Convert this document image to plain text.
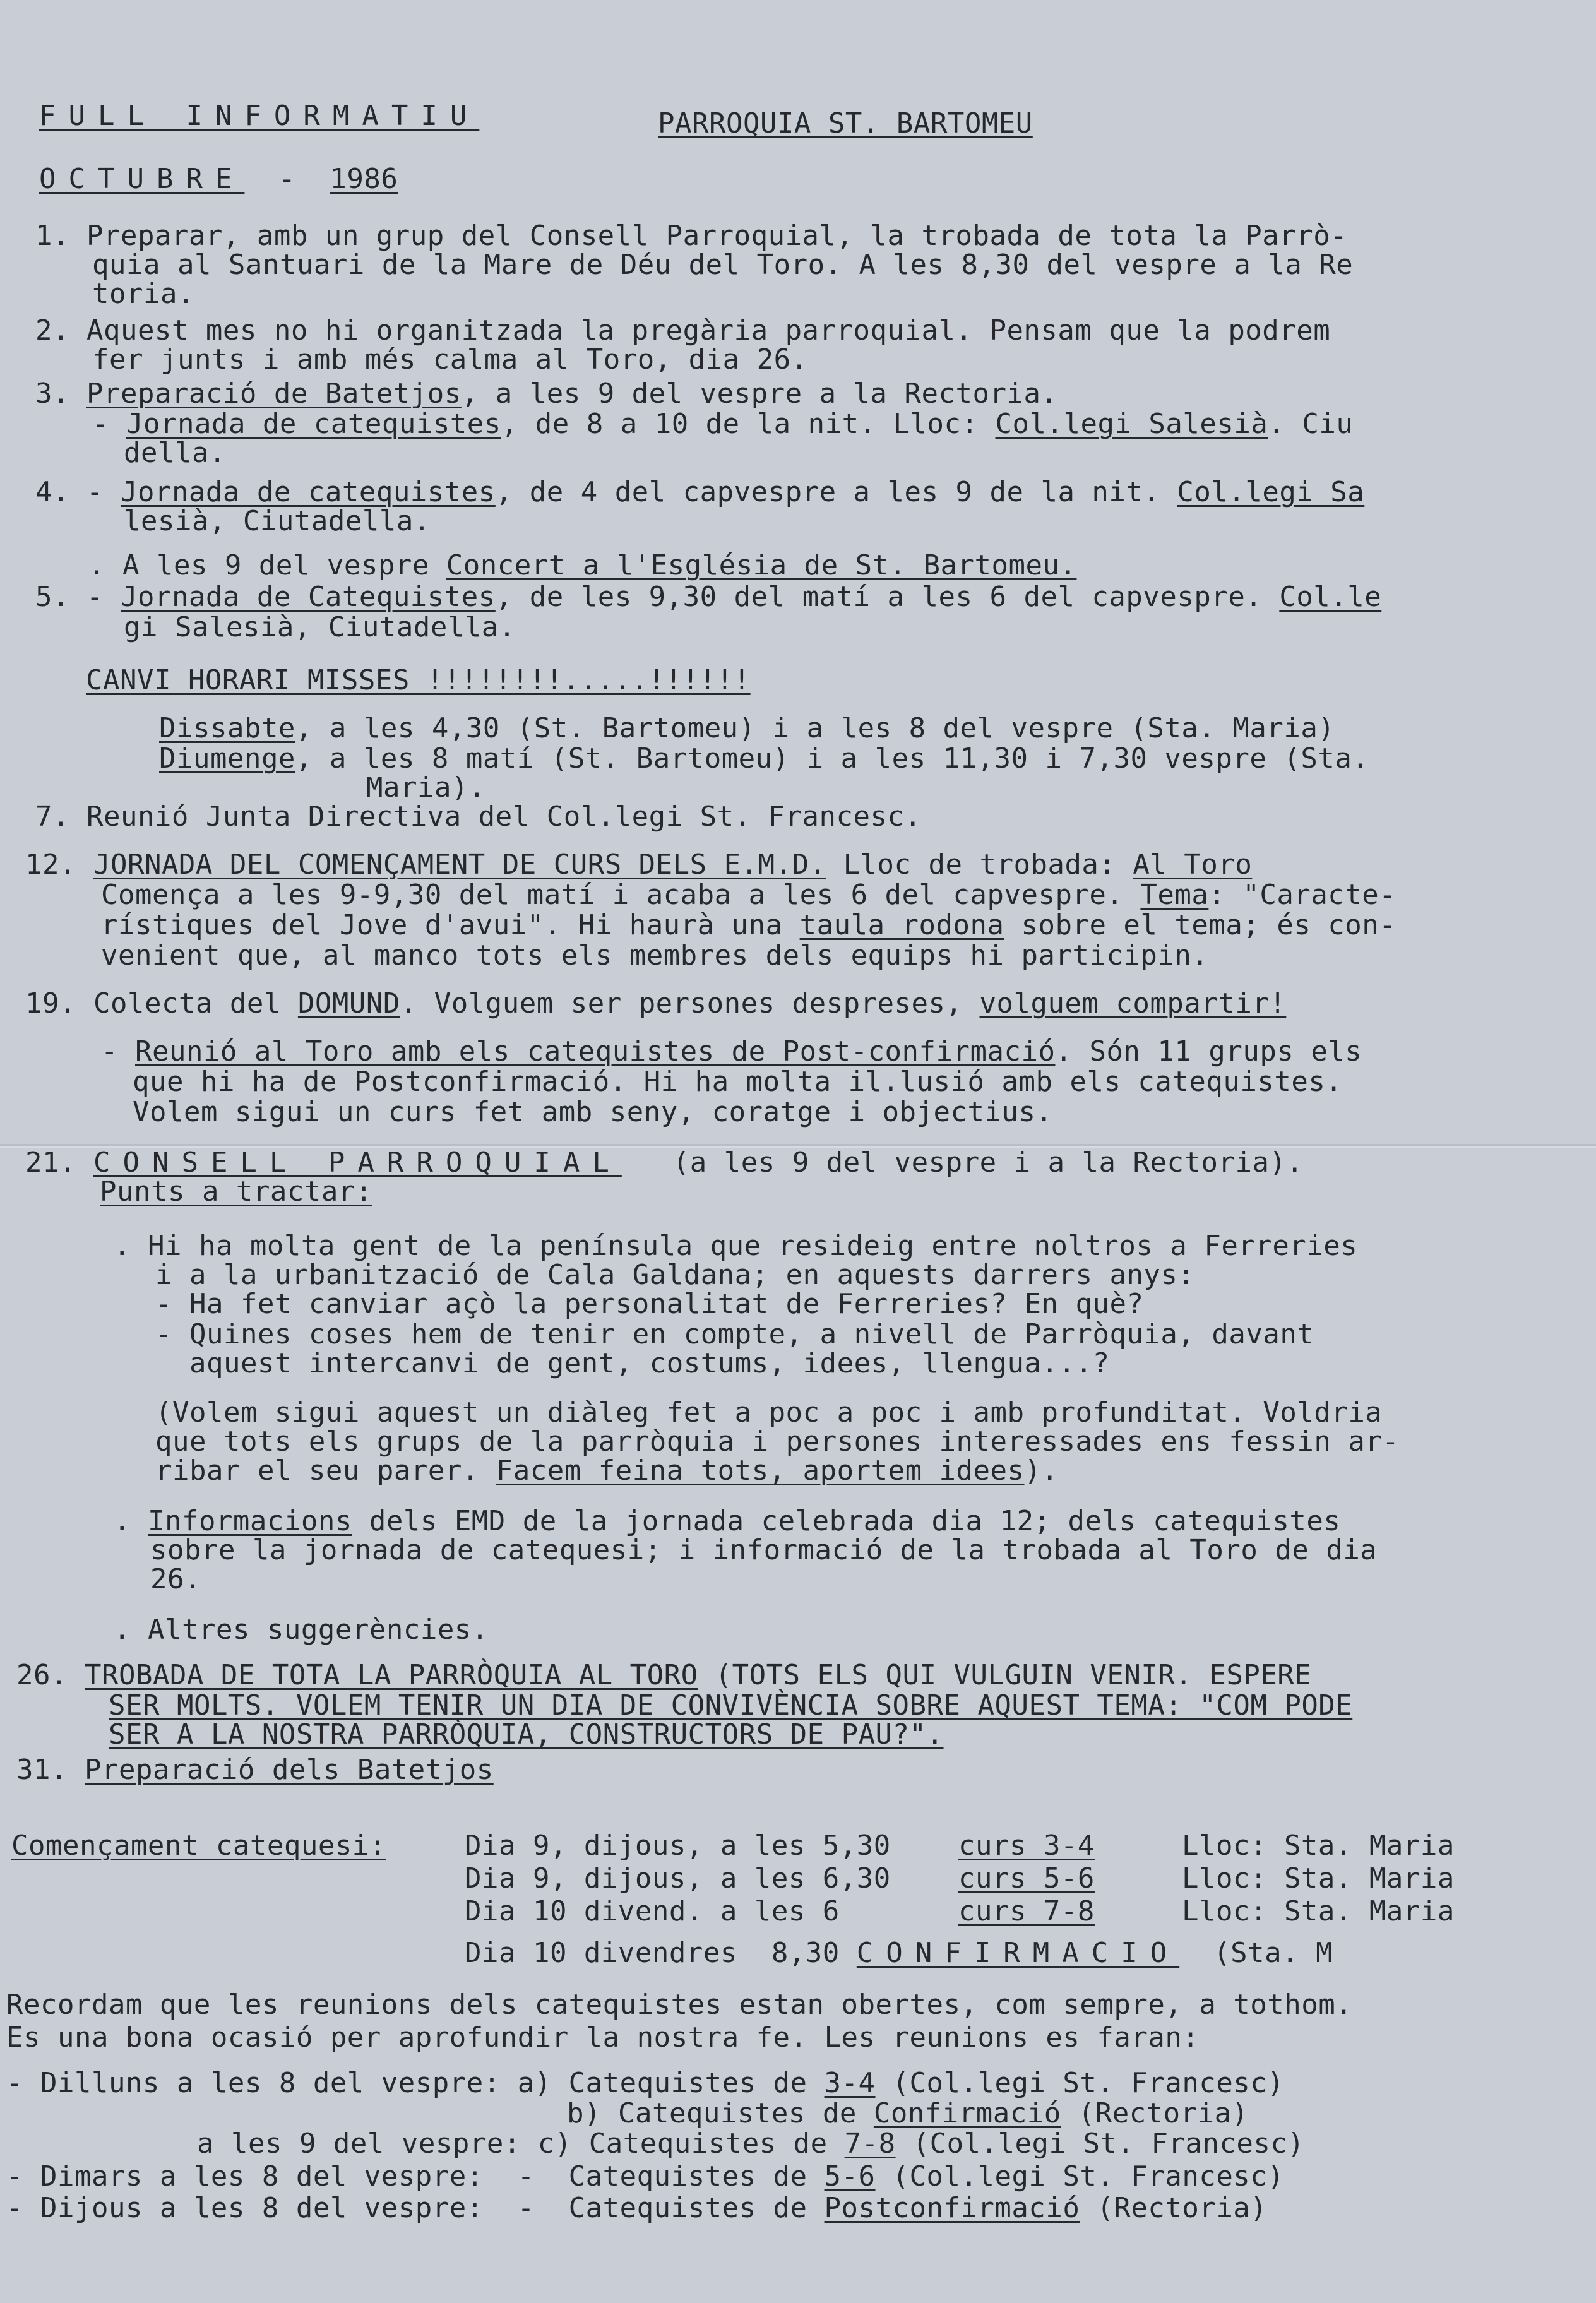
FULL INFORMATIU	PARROQUIA ST. BARTOMEU
OCTUBRE - 1986
1. Preparar, amb un grup del Consell Parroquial, la trobada de tota la Parrò-
quia al Santuari de la Mare de Déu del Toro. A les 8,30 del vespre a la Re
toria.
2. Aquest mes no hi organitzada la pregària parroquial. Pensam que la podrem
fer junts i amb més calma al Toro, dia 26.
3. Preparació de Batetjos, a les 9 del vespre a la Rectoria.
- Jornada de catequistes, de 8 a 10 de la nit. Lloc: Col.legi Salesià. Ciu
della.
4. - Jornada de catequistes, de 4 del capvespre a les 9 de la nit. Col.legi Sa
lesià, Ciutadella.
. A les 9 del vespre Concert a l'Església de St. Bartomeu.
5. - Jornada de Catequistes, de les 9,30 del matí a les 6 del capvespre. Col.le
gi Salesià, Ciutadella.
CANVI HORARI MISSES !!!!!!!!.....!!!!!!
Dissabte, a les 4,30 (St. Bartomeu) i a les 8 del vespre (Sta. Maria)
Diumenge, a les 8 matí (St. Bartomeu) i a les 11,30 i 7,30 vespre (Sta.
Maria).
7. Reunió Junta Directiva del Col.legi St. Francesc.
12. JORNADA DEL COMENÇAMENT DE CURS DELS E.M.D. Lloc de trobada: Al Toro
Comença a les 9-9,30 del matí i acaba a les 6 del capvespre. Tema: "Caracte-
rístiques del Jove d'avui". Hi haurà una taula rodona sobre el tema; és con-
venient que, al manco tots els membres dels equips hi participin.
19. Colecta del DOMUND. Volguem ser persones despreses, volguem compartir!
- Reunió al Toro amb els catequistes de Post-confirmació. Són 11 grups els
que hi ha de Postconfirmació. Hi ha molta il.lusió amb els catequistes.
Volem sigui un curs fet amb seny, coratge i objectius.
21. CONSELL PARROQUIAL (a les 9 del vespre i a la Rectoria).
Punts a tractar:
. Hi ha molta gent de la península que resideig entre noltros a Ferreries
i a la urbanització de Cala Galdana; en aquests darrers anys:
- Ha fet canviar açò la personalitat de Ferreries? En què?
- Quines coses hem de tenir en compte, a nivell de Parròquia, davant
aquest intercanvi de gent, costums, idees, llengua...?
(Volem sigui aquest un diàleg fet a poc a poc i amb profunditat. Voldria
que tots els grups de la parròquia i persones interessades ens fessin ar-
ribar el seu parer. Facem feina tots, aportem idees).
. Informacions dels EMD de la jornada celebrada dia 12; dels catequistes
sobre la jornada de catequesi; i informació de la trobada al Toro de dia
26.
. Altres suggerències.
26. TROBADA DE TOTA LA PARRÒQUIA AL TORO (TOTS ELS QUI VULGUIN VENIR. ESPERE
SER MOLTS. VOLEM TENIR UN DIA DE CONVIVÈNCIA SOBRE AQUEST TEMA: "COM PODE
SER A LA NOSTRA PARRÒQUIA, CONSTRUCTORS DE PAU?".
31. Preparació dels Batetjos
Començament catequesi:	Dia 9, dijous, a les 5,30 curs 3-4	Lloc: Sta. Maria
Dia 9, dijous, a les 6,30 curs 5-6	Lloc: Sta. Maria
Dia 10 divend. a les 6	curs 7-8	Lloc: Sta. Maria
Dia 10 divendres  8,30 CONFIRMACIO (Sta. M
Recordam que les reunions dels catequistes estan obertes, com sempre, a tothom.
Es una bona ocasió per aprofundir la nostra fe. Les reunions es faran:
- Dilluns a les 8 del vespre: a) Catequistes de 3-4 (Col.legi St. Francesc)
b) Catequistes de Confirmació (Rectoria)
a les 9 del vespre: c) Catequistes de 7-8 (Col.legi St. Francesc)
- Dimars a les 8 del vespre:  -  Catequistes de 5-6 (Col.legi St. Francesc)
- Dijous a les 8 del vespre:  -  Catequistes de Postconfirmació (Rectoria)
